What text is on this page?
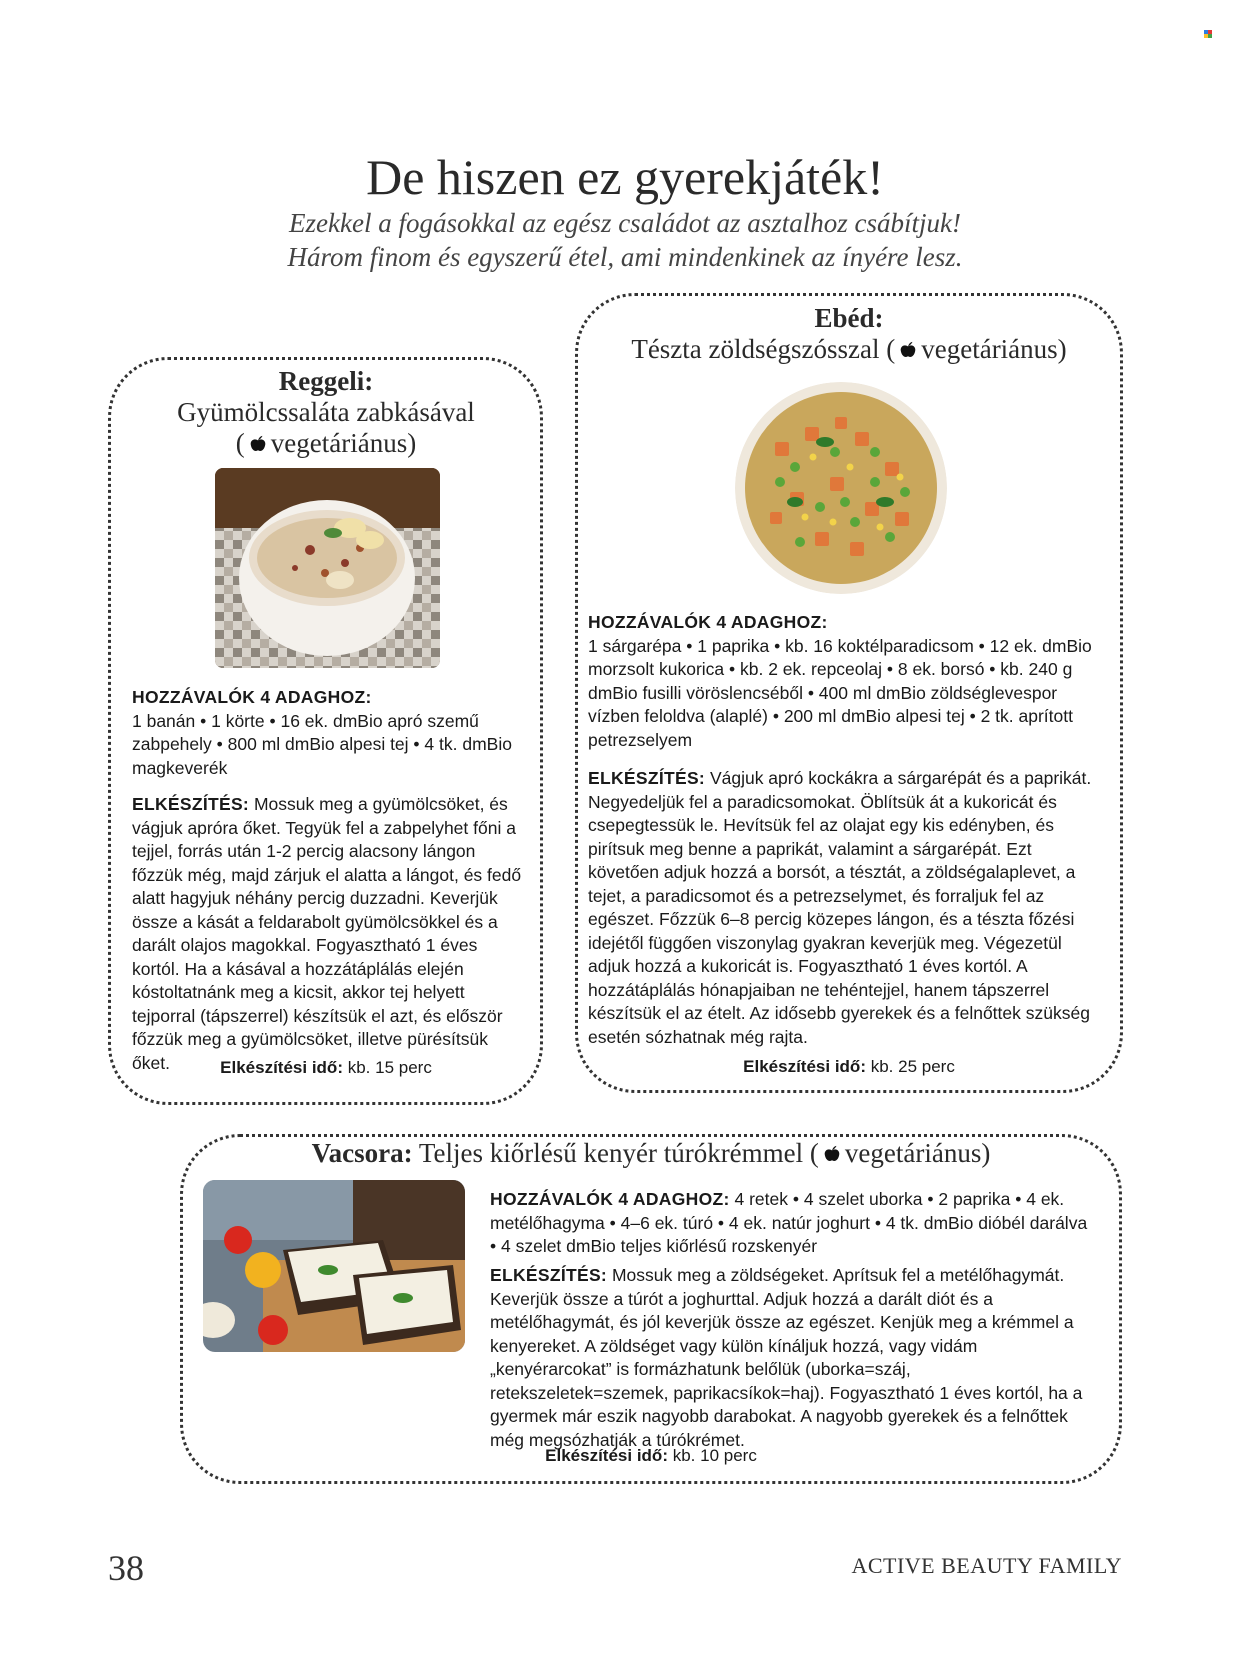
De hiszen ez gyerekjáték!

Ezekkel a fogásokkal az egész családot az asztalhoz csábítjuk!

Három finom és egyszerű étel, ami mindenkinek az ínyére lesz.

Reggeli:
Gyümölcssaláta zabkásával
( vegetáriánus)

HOZZÁVALÓK 4 ADAGHOZ:
1 banán • 1 körte • 16 ek. dmBio apró szemű zabpehely • 800 ml dmBio alpesi tej • 4 tk. dmBio magkeverék

ELKÉSZÍTÉS: Mossuk meg a gyümölcsöket, és vágjuk apróra őket. Tegyük fel a zabpelyhet főni a tejjel, forrás után 1-2 percig alacsony lángon főzzük még, majd zárjuk el alatta a lángot, és fedő alatt hagyjuk néhány percig duzzadni. Keverjük össze a kását a feldarabolt gyümölcsökkel és a darált olajos magokkal. Fogyasztható 1 éves kortól. Ha a kásával a hozzátáplálás elején kóstoltatnánk meg a kicsit, akkor tej helyett tejporral (tápszerrel) készítsük el azt, és először főzzük meg a gyümölcsöket, illetve pürésítsük őket.	Elkészítési idő: kb. 15 perc
Ebéd:
Tészta zöldségszósszal ( vegetáriánus)

HOZZÁVALÓK 4 ADAGHOZ:
1 sárgarépa • 1 paprika • kb. 16 koktélparadicsom • 12 ek. dmBio morzsolt kukorica • kb. 2 ek. repceolaj • 8 ek. borsó • kb. 240 g dmBio fusilli vöröslencséből • 400 ml dmBio zöldséglevespor vízben feloldva (alaplé) • 200 ml dmBio alpesi tej • 2 tk. aprított petrezselyem

ELKÉSZÍTÉS: Vágjuk apró kockákra a sárgarépát és a paprikát. Negyedeljük fel a paradicsomokat. Öblítsük át a kukoricát és csepegtessük le. Hevítsük fel az olajat egy kis edényben, és pirítsuk meg benne a paprikát, valamint a sárgarépát. Ezt követően adjuk hozzá a borsót, a tésztát, a zöldségalaplevet, a tejet, a paradicsomot és a petrezselymet, és forraljuk fel az egészet. Főzzük 6–8 percig közepes lángon, és a tészta főzési idejétől függően viszonylag gyakran keverjük meg. Végezetül adjuk hozzá a kukoricát is. Fogyasztható 1 éves kortól. A hozzátáplálás hónapjaiban ne tehéntejjel, hanem tápszerrel készítsük el az ételt. Az idősebb gyerekek és a felnőttek szükség esetén sózhatnak még rajta.

Elkészítési idő: kb. 25 perc
Vacsora: Teljes kiőrlésű kenyér túrókrémmel ( vegetáriánus)

HOZZÁVALÓK 4 ADAGHOZ: 4 retek • 4 szelet uborka • 2 paprika • 4 ek. metélőhagyma • 4–6 ek. túró • 4 ek. natúr joghurt • 4 tk. dmBio dióbél darálva • 4 szelet dmBio teljes kiőrlésű rozskenyér

ELKÉSZÍTÉS: Mossuk meg a zöldségeket. Aprítsuk fel a metélőhagymát. Keverjük össze a túrót a joghurttal. Adjuk hozzá a darált diót és a metélőhagymát, és jól keverjük össze az egészet. Kenjük meg a krémmel a kenyereket. A zöldséget vagy külön kínáljuk hozzá, vagy vidám „kenyérarcokat” is formázhatunk belőlük (uborka=száj, retekszeletek=szemek, paprikacsíkok=haj). Fogyasztható 1 éves kortól, ha a gyermek már eszik nagyobb darabokat. A nagyobb gyerekek és a felnőttek még megsózhatják a túrókrémet.

Elkészítési idő: kb. 10 perc
38	ACTIVE BEAUTY FAMILY
